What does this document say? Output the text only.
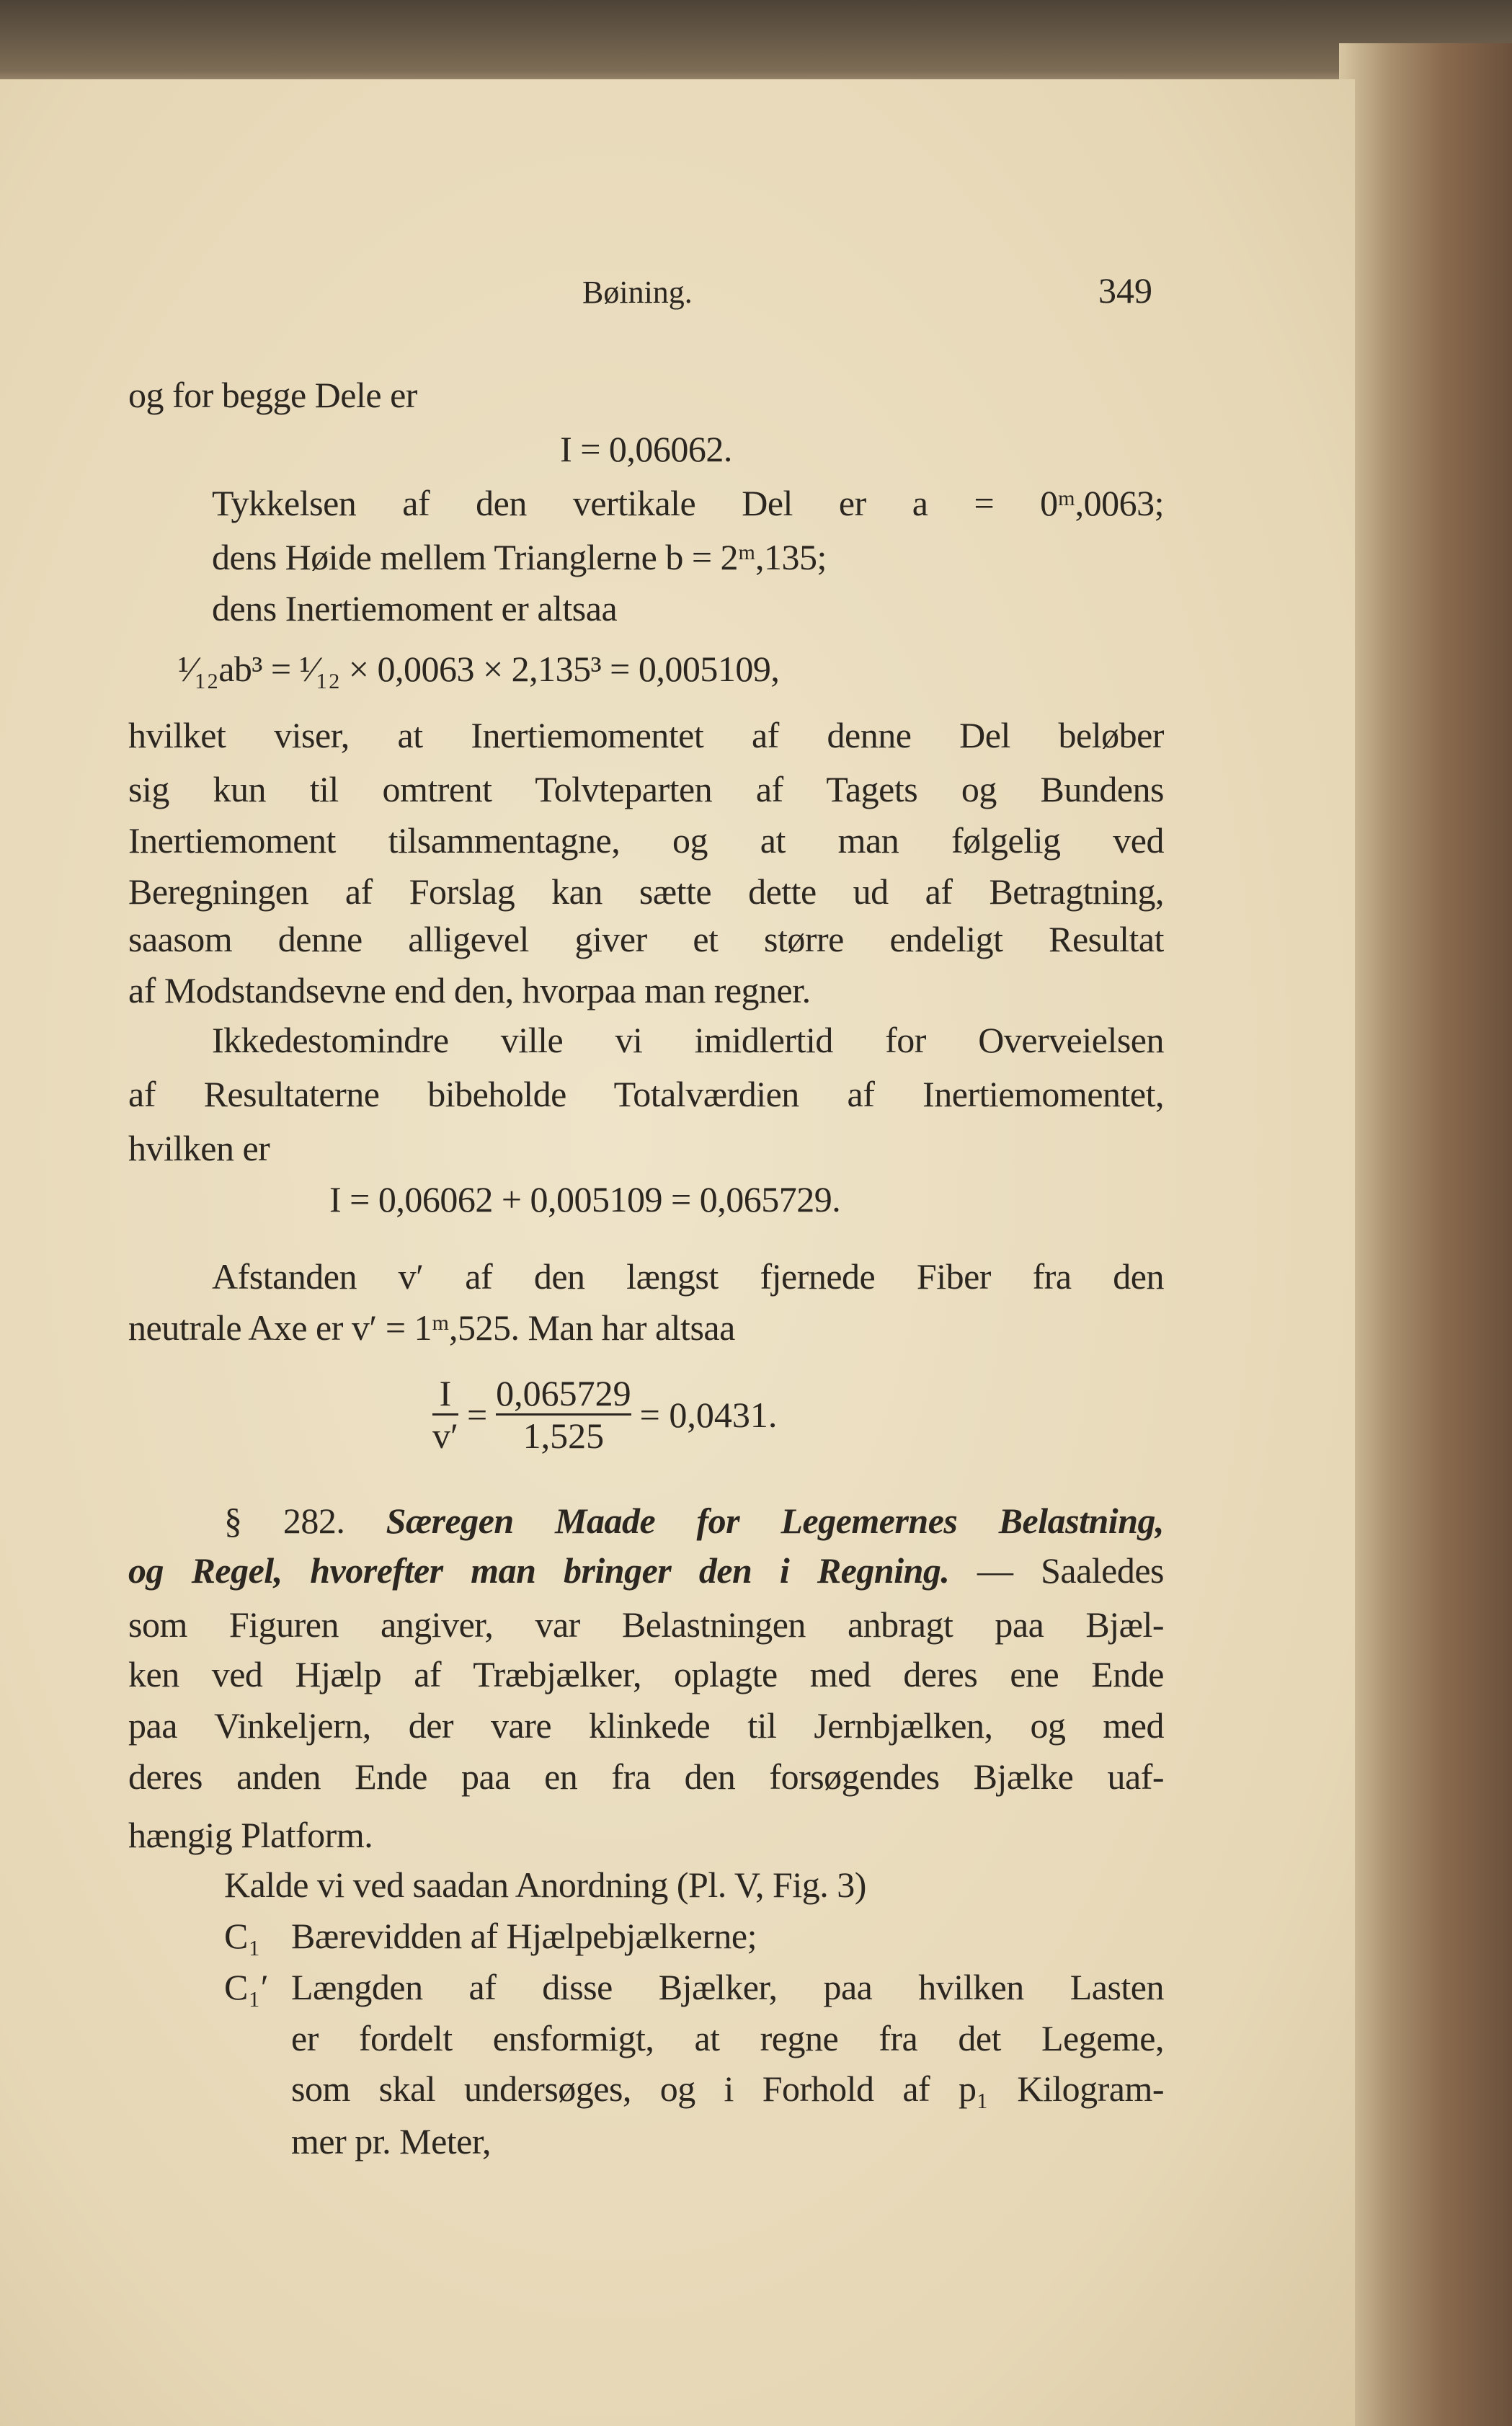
Bøining.	349
og for begge Dele er
I = 0,06062.
Tykkelsen af den vertikale Del er a = 0ᵐ,0063;
dens Høide mellem Trianglerne b = 2ᵐ,135;
dens Inertiemoment er altsaa
¹⁄₁₂ab³ = ¹⁄₁₂ × 0,0063 × 2,135³ = 0,005109,
hvilket viser, at Inertiemomentet af denne Del beløber
sig kun til omtrent Tolvteparten af Tagets og Bundens
Inertiemoment tilsammentagne, og at man følgelig ved
Beregningen af Forslag kan sætte dette ud af Betragtning,
saasom denne alligevel giver et større endeligt Resultat
af Modstandsevne end den, hvorpaa man regner.
Ikkedestomindre ville vi imidlertid for Overveielsen
af Resultaterne bibeholde Totalværdien af Inertiemomentet,
hvilken er
I = 0,06062 + 0,005109 = 0,065729.
Afstanden v′ af den længst fjernede Fiber fra den
neutrale Axe er v′ = 1ᵐ,525. Man har altsaa
I
v′
=
0,065729
1,525
= 0,0431.
§ 282. Særegen Maade for Legemernes Belastning,
og Regel, hvorefter man bringer den i Regning. — Saaledes
som Figuren angiver, var Belastningen anbragt paa Bjæl-
ken ved Hjælp af Træbjælker, oplagte med deres ene Ende
paa Vinkeljern, der vare klinkede til Jernbjælken, og med
deres anden Ende paa en fra den forsøgendes Bjælke uaf-
hængig Platform.
Kalde vi ved saadan Anordning (Pl. V, Fig. 3)
C₁ Bærevidden af Hjælpebjælkerne;
C₁′ Længden af disse Bjælker, paa hvilken Lasten
er fordelt ensformigt, at regne fra det Legeme,
som skal undersøges, og i Forhold af p₁ Kilogram-
mer pr. Meter,
